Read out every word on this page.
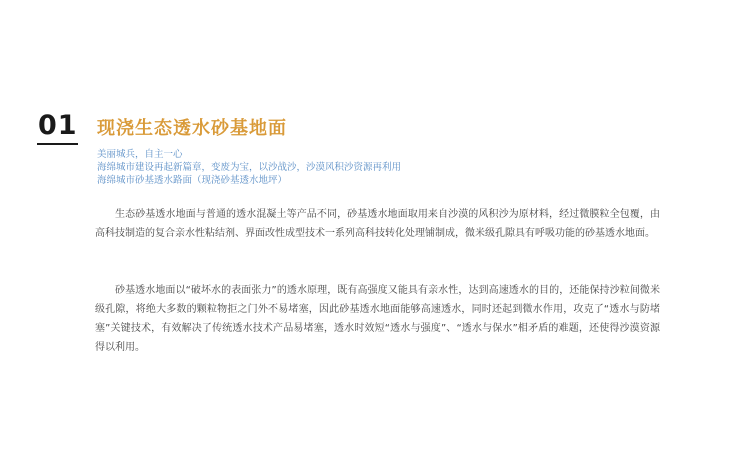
01 现浇生态透水砂基地面
美丽城兵，自主一心
海绵城市建设再起新篇章，变废为宝，以沙战沙，沙漠风积沙资源再利用
海绵城市砂基透水路面（现浇砂基透水地坪）

生态砂基透水地面与普通的透水混凝土等产品不同，砂基透水地面取用来自沙漠的风积沙为原材料，经过微膜粒全包覆，由高科技制造的复合亲水性粘结剂、界面改性成型技术一系列高科技转化处理铺制成，微米级孔隙具有呼吸功能的砂基透水地面。

砂基透水地面以“破坏水的表面张力”的透水原理，既有高强度又能具有亲水性，达到高速透水的目的，还能保持沙粒间微米级孔隙，将绝大多数的颗粒物拒之门外不易堵塞，因此砂基透水地面能够高速透水，同时还起到微水作用，攻克了“透水与防堵塞”关键技术，有效解决了传统透水技术产品易堵塞，透水时效短“透水与强度”、“透水与保水”相矛盾的难题，还使得沙漠资源得以利用。
